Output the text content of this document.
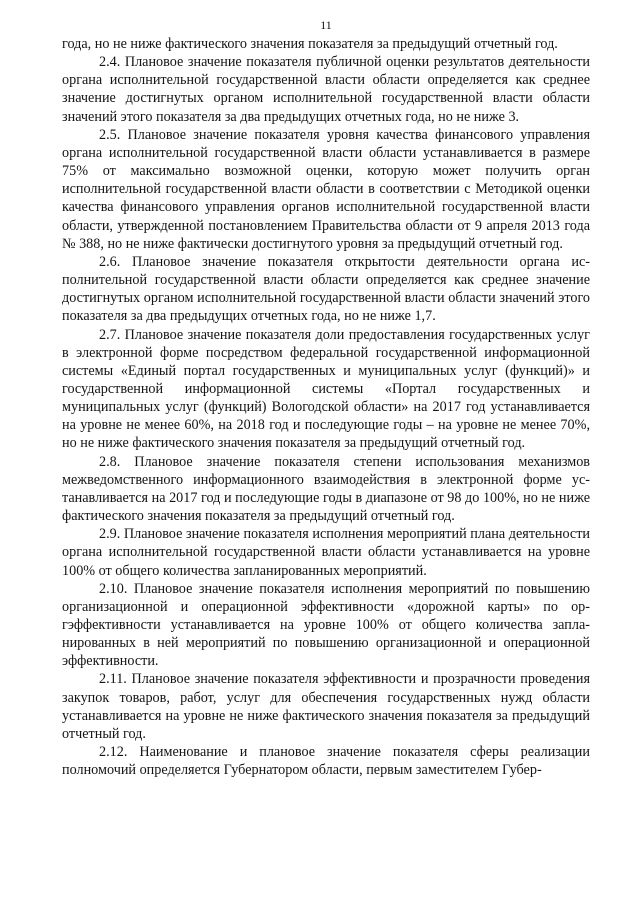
11

года, но не ниже фактического значения показателя за предыдущий отчетный год.

2.4. Плановое значение показателя публичной оценки результатов деятельности органа исполнительной государственной власти области определяется как среднее значение достигнутых органом исполнительной государственной власти области значений этого показателя за два предыдущих отчетных года, но не ниже 3.

2.5. Плановое значение показателя уровня качества финансового управления органа исполнительной государственной власти области устанавливается в размере 75% от максимально возможной оценки, которую может получить орган исполнительной государственной власти области в соответствии с Методикой оценки качества финансового управления органов исполнительной государственной власти области, утвержденной постановлением Правительства области от 9 апреля 2013 года № 388, но не ниже фактически достигнутого уровня за предыдущий отчетный год.

2.6. Плановое значение показателя открытости деятельности органа исполнительной государственной власти области определяется как среднее значение достигнутых органом исполнительной государственной власти области значений этого показателя за два предыдущих отчетных года, но не ниже 1,7.

2.7. Плановое значение показателя доли предоставления государственных услуг в электронной форме посредством федеральной государственной информационной системы «Единый портал государственных и муниципальных услуг (функций)» и государственной информационной системы «Портал государственных и муниципальных услуг (функций) Вологодской области» на 2017 год устанавливается на уровне не менее 60%, на 2018 год и последующие годы – на уровне не менее 70%, но не ниже фактического значения показателя за предыдущий отчетный год.

2.8. Плановое значение показателя степени использования механизмов межведомственного информационного взаимодействия в электронной форме устанавливается на 2017 год и последующие годы в диапазоне от 98 до 100%, но не ниже фактического значения показателя за предыдущий отчетный год.

2.9. Плановое значение показателя исполнения мероприятий плана деятельности органа исполнительной государственной власти области устанавливается на уровне 100% от общего количества запланированных мероприятий.

2.10. Плановое значение показателя исполнения мероприятий по повышению организационной и операционной эффективности «дорожной карты» по оргэффективности устанавливается на уровне 100% от общего количества запланированных в ней мероприятий по повышению организационной и операционной эффективности.

2.11. Плановое значение показателя эффективности и прозрачности проведения закупок товаров, работ, услуг для обеспечения государственных нужд области устанавливается на уровне не ниже фактического значения показателя за предыдущий отчетный год.

2.12. Наименование и плановое значение показателя сферы реализации полномочий определяется Губернатором области, первым заместителем Губер-
